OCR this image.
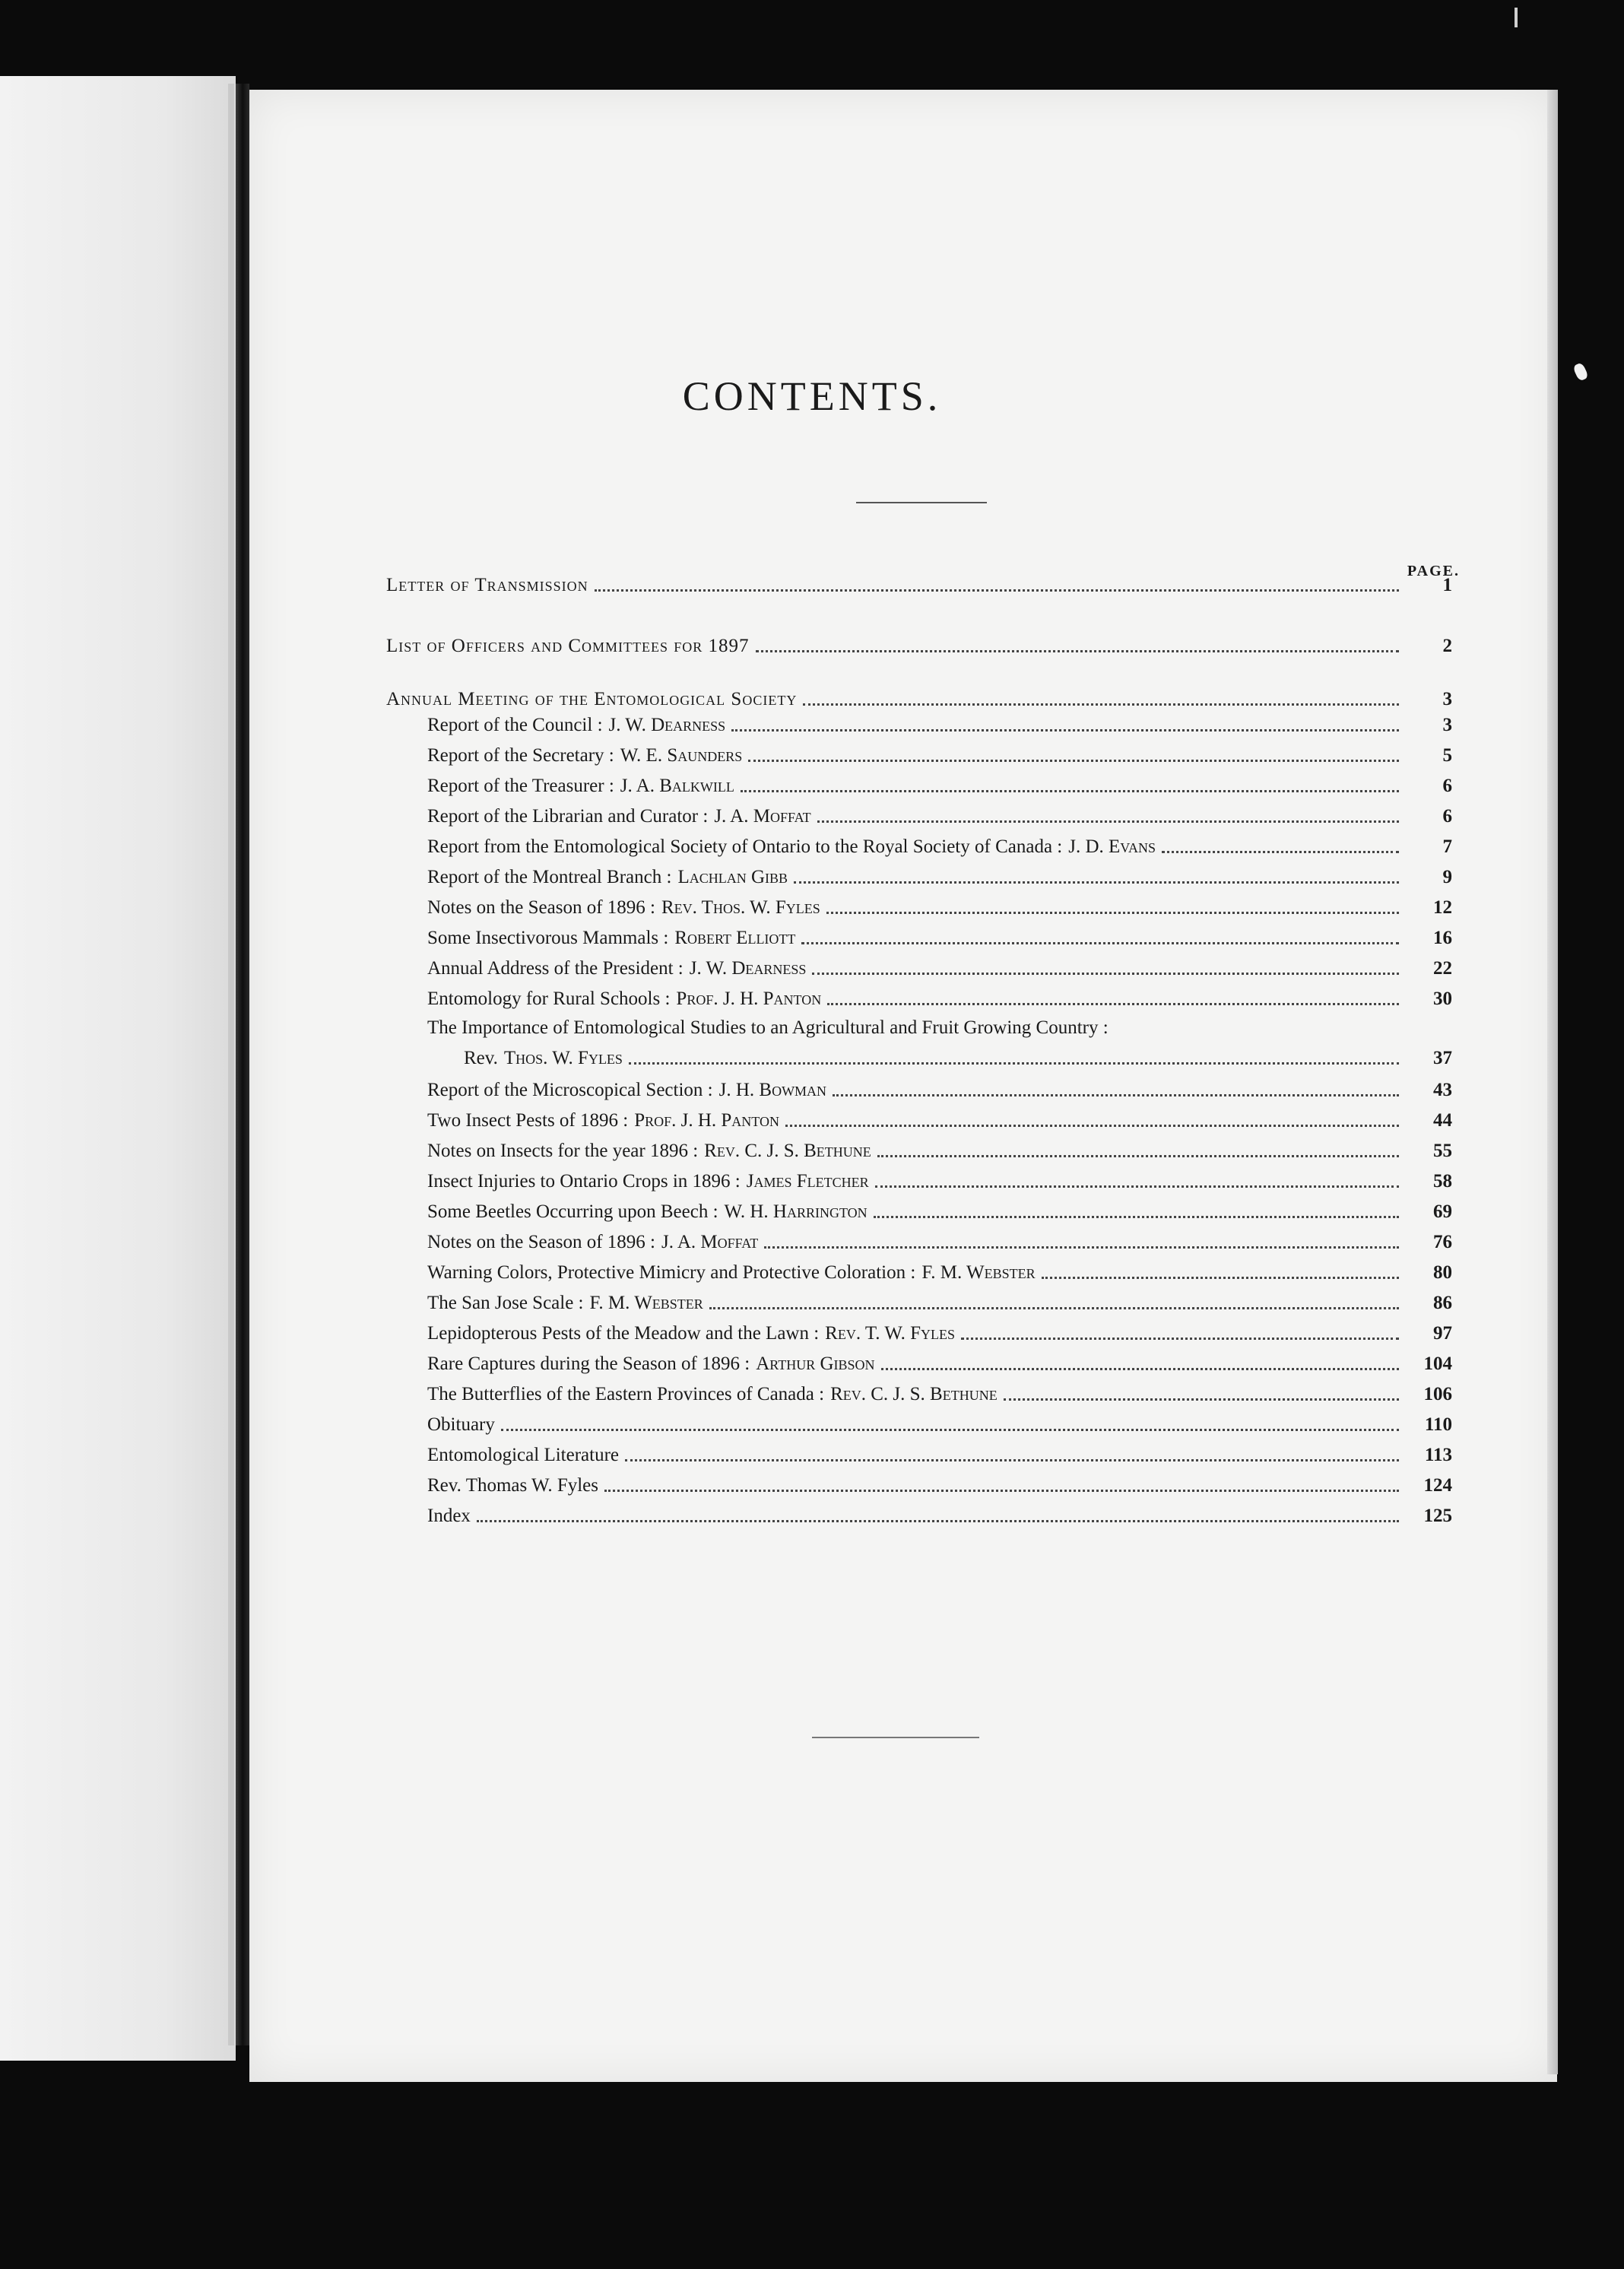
CONTENTS.
PAGE.
Letter of Transmission	1
List of Officers and Committees for 1897	2
Annual Meeting of the Entomological Society	3
Report of the Council : J. W. Dearness	3
Report of the Secretary : W. E. Saunders	5
Report of the Treasurer : J. A. Balkwill	6
Report of the Librarian and Curator : J. A. Moffat	6
Report from the Entomological Society of Ontario to the Royal Society of Canada : J. D. Evans	7
Report of the Montreal Branch : Lachlan Gibb	9
Notes on the Season of 1896 : Rev. Thos. W. Fyles	12
Some Insectivorous Mammals : Robert Elliott	16
Annual Address of the President : J. W. Dearness	22
Entomology for Rural Schools : Prof. J. H. Panton	30
The Importance of Entomological Studies to an Agricultural and Fruit Growing Country :
Rev. Thos. W. Fyles	37
Report of the Microscopical Section : J. H. Bowman	43
Two Insect Pests of 1896 : Prof. J. H. Panton	44
Notes on Insects for the year 1896 : Rev. C. J. S. Bethune	55
Insect Injuries to Ontario Crops in 1896 : James Fletcher	58
Some Beetles Occurring upon Beech : W. H. Harrington	69
Notes on the Season of 1896 : J. A. Moffat	76
Warning Colors, Protective Mimicry and Protective Coloration : F. M. Webster	80
The San Jose Scale : F. M. Webster	86
Lepidopterous Pests of the Meadow and the Lawn : Rev. T. W. Fyles	97
Rare Captures during the Season of 1896 : Arthur Gibson	104
The Butterflies of the Eastern Provinces of Canada : Rev. C. J. S. Bethune	106
Obituary	110
Entomological Literature	113
Rev. Thomas W. Fyles	124
Index	125
